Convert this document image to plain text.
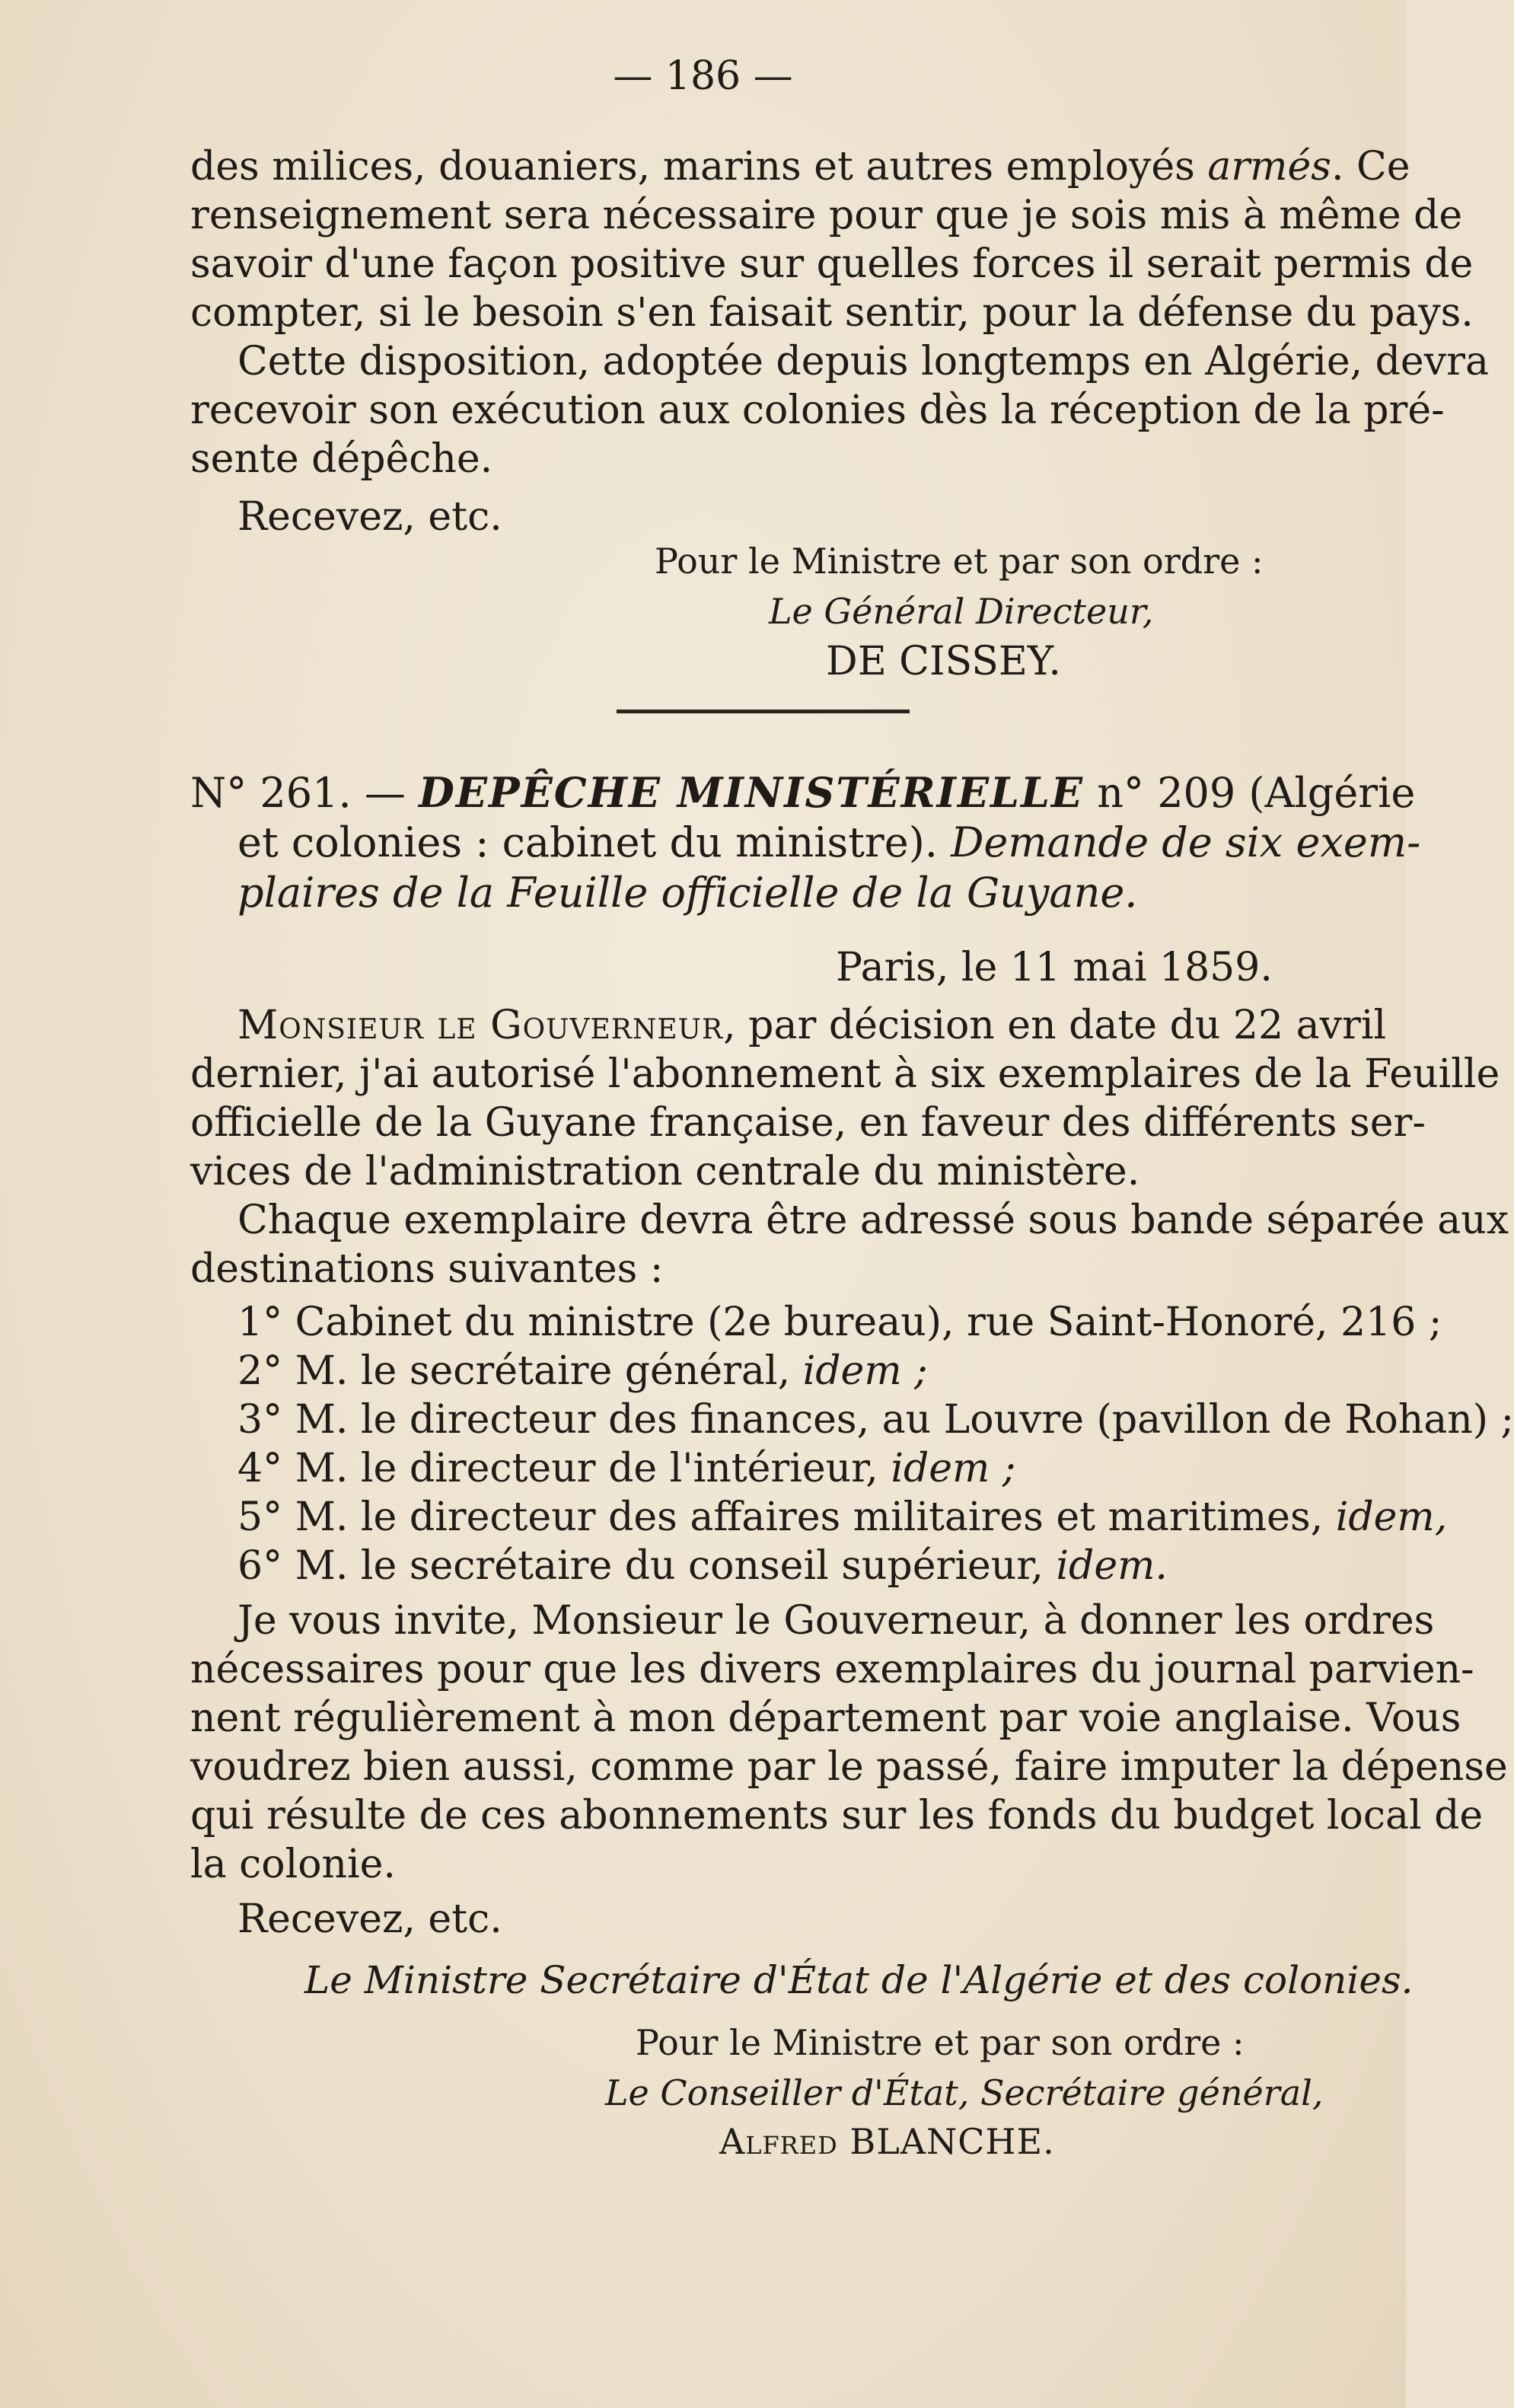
— 186 —
des milices, douaniers, marins et autres employés armés. Ce
renseignement sera nécessaire pour que je sois mis à même de
savoir d'une façon positive sur quelles forces il serait permis de
compter, si le besoin s'en faisait sentir, pour la défense du pays.
Cette disposition, adoptée depuis longtemps en Algérie, devra
recevoir son exécution aux colonies dès la réception de la pré-
sente dépêche.
Recevez, etc.
Pour le Ministre et par son ordre :
Le Général Directeur,
DE CISSEY.
N° 261. — DEPÊCHE MINISTÉRIELLE n° 209 (Algérie
et colonies : cabinet du ministre). Demande de six exem-
plaires de la Feuille officielle de la Guyane.
Paris, le 11 mai 1859.
Monsieur le Gouverneur, par décision en date du 22 avril
dernier, j'ai autorisé l'abonnement à six exemplaires de la Feuille
officielle de la Guyane française, en faveur des différents ser-
vices de l'administration centrale du ministère.
Chaque exemplaire devra être adressé sous bande séparée aux
destinations suivantes :
1° Cabinet du ministre (2e bureau), rue Saint-Honoré, 216 ;
2° M. le secrétaire général, idem ;
3° M. le directeur des finances, au Louvre (pavillon de Rohan) ;
4° M. le directeur de l'intérieur, idem ;
5° M. le directeur des affaires militaires et maritimes, idem,
6° M. le secrétaire du conseil supérieur, idem.
Je vous invite, Monsieur le Gouverneur, à donner les ordres
nécessaires pour que les divers exemplaires du journal parvien-
nent régulièrement à mon département par voie anglaise. Vous
voudrez bien aussi, comme par le passé, faire imputer la dépense
qui résulte de ces abonnements sur les fonds du budget local de
la colonie.
Recevez, etc.
Le Ministre Secrétaire d'État de l'Algérie et des colonies.
Pour le Ministre et par son ordre :
Le Conseiller d'État, Secrétaire général,
Alfred BLANCHE.
